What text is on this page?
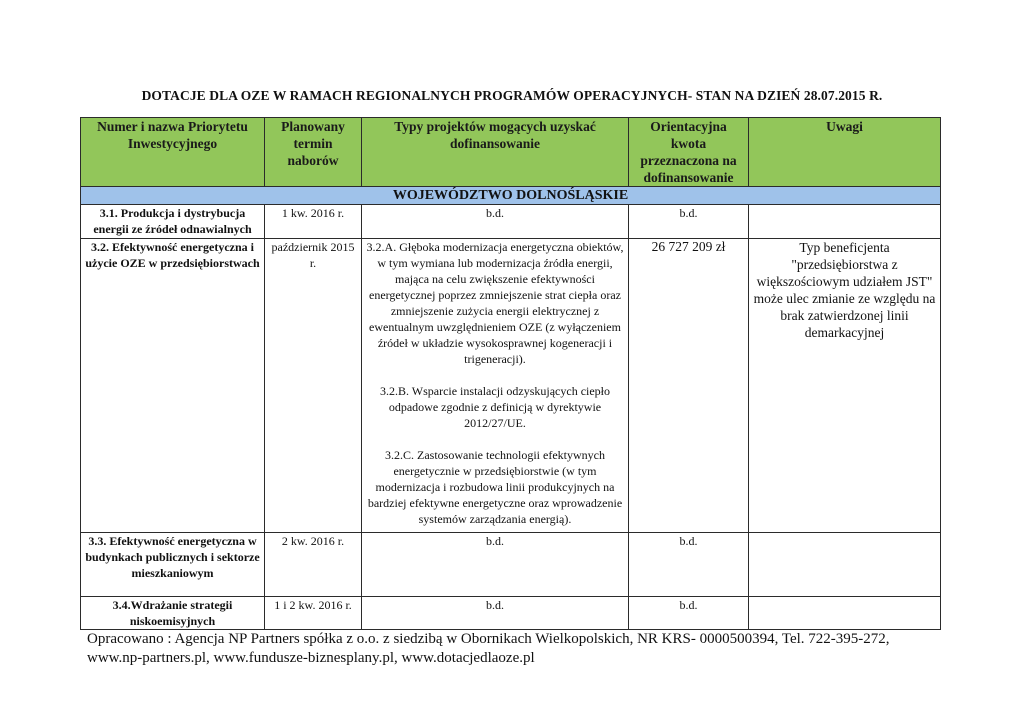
DOTACJE DLA OZE W RAMACH REGIONALNYCH PROGRAMÓW OPERACYJNYCH- STAN NA DZIEŃ 28.07.2015 R.
Numer i nazwa Priorytetu Inwestycyjnego	Planowany termin naborów	Typy projektów mogących uzyskać dofinansowanie	Orientacyjna kwota przeznaczona na dofinansowanie	Uwagi
WOJEWÓDZTWO DOLNOŚLĄSKIE				
3.1. Produkcja i dystrybucja energii ze źródeł odnawialnych	1 kw. 2016 r.	b.d.	b.d.	
3.2. Efektywność energetyczna i użycie OZE w przedsiębiorstwach	październik 2015 r.	3.2.A. Głęboka modernizacja energetyczna obiektów, w tym wymiana lub modernizacja źródła energii, mająca na celu zwiększenie efektywności energetycznej poprzez zmniejszenie strat ciepła oraz zmniejszenie zużycia energii elektrycznej z ewentualnym uwzględnieniem OZE (z wyłączeniem źródeł w układzie wysokosprawnej kogeneracji i trigeneracji).
3.2.B. Wsparcie instalacji odzyskujących ciepło odpadowe zgodnie z definicją w dyrektywie 2012/27/UE.
3.2.C. Zastosowanie technologii efektywnych energetycznie w przedsiębiorstwie (w tym modernizacja i rozbudowa linii produkcyjnych na bardziej efektywne energetyczne oraz wprowadzenie systemów zarządzania energią).	26 727 209 zł	Typ beneficjenta "przedsiębiorstwa z większościowym udziałem JST" może ulec zmianie ze względu na brak zatwierdzonej linii demarkacyjnej
3.3. Efektywność energetyczna w budynkach publicznych i sektorze mieszkaniowym	2 kw. 2016 r.	b.d.	b.d.	
3.4.Wdrażanie strategii niskoemisyjnych	1 i 2 kw. 2016 r.	b.d.	b.d.	
Opracowano : Agencja NP Partners spółka z o.o. z siedzibą w Obornikach Wielkopolskich, NR KRS- 0000500394, Tel. 722-395-272,
www.np-partners.pl, www.fundusze-biznesplany.pl, www.dotacjedlaoze.pl
